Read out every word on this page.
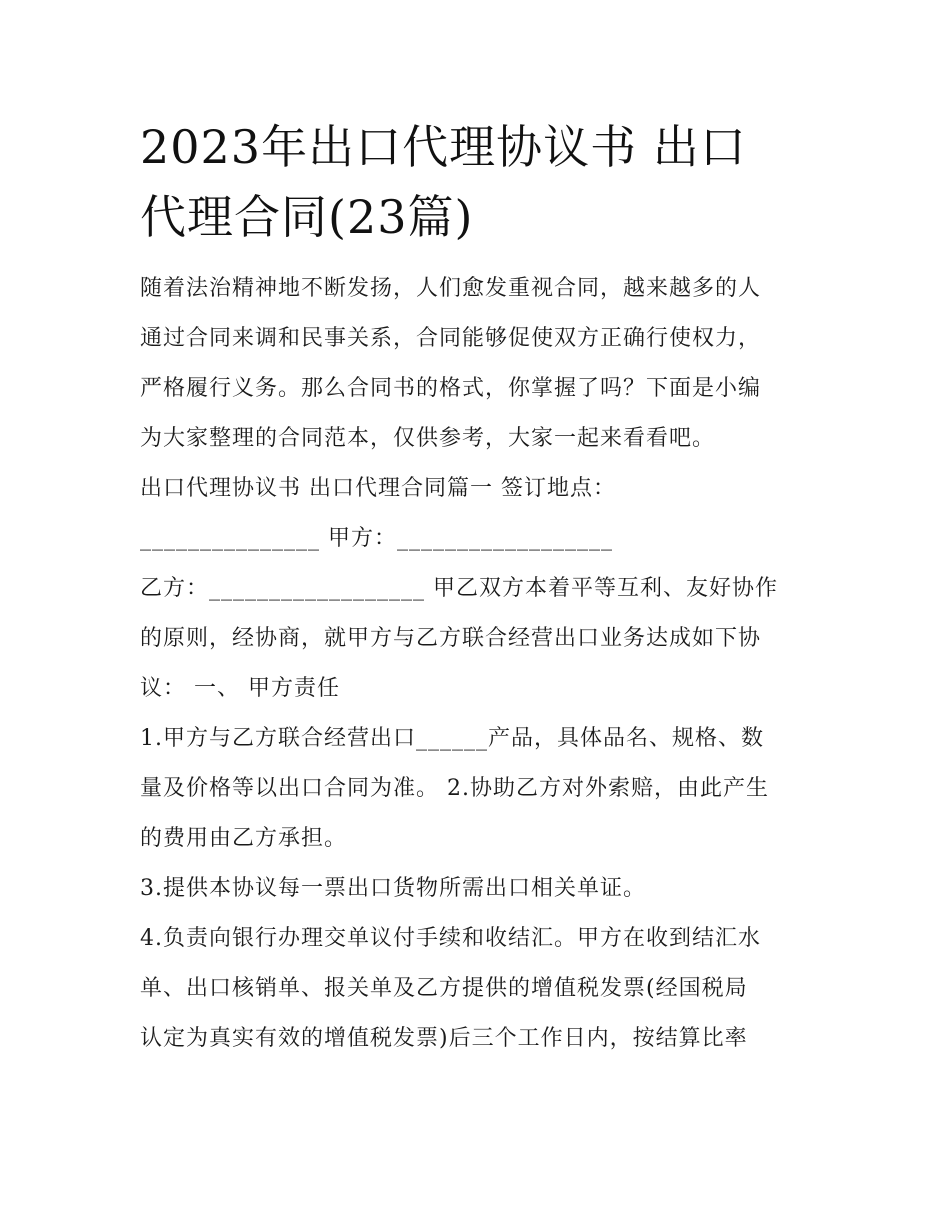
2023年出口代理协议书 出口
代理合同(23篇)
随着法治精神地不断发扬，人们愈发重视合同，越来越多的人
通过合同来调和民事关系，合同能够促使双方正确行使权力，
严格履行义务。那么合同书的格式，你掌握了吗？下面是小编
为大家整理的合同范本，仅供参考，大家一起来看看吧。
出口代理协议书 出口代理合同篇一 签订地点：
_______________ 甲方：__________________
乙方：__________________ 甲乙双方本着平等互利、友好协作
的原则，经协商，就甲方与乙方联合经营出口业务达成如下协
议： 一、 甲方责任
1.甲方与乙方联合经营出口______产品，具体品名、规格、数
量及价格等以出口合同为准。 2.协助乙方对外索赔，由此产生
的费用由乙方承担。
3.提供本协议每一票出口货物所需出口相关单证。
4.负责向银行办理交单议付手续和收结汇。甲方在收到结汇水
单、出口核销单、报关单及乙方提供的增值税发票(经国税局
认定为真实有效的增值税发票)后三个工作日内，按结算比率
